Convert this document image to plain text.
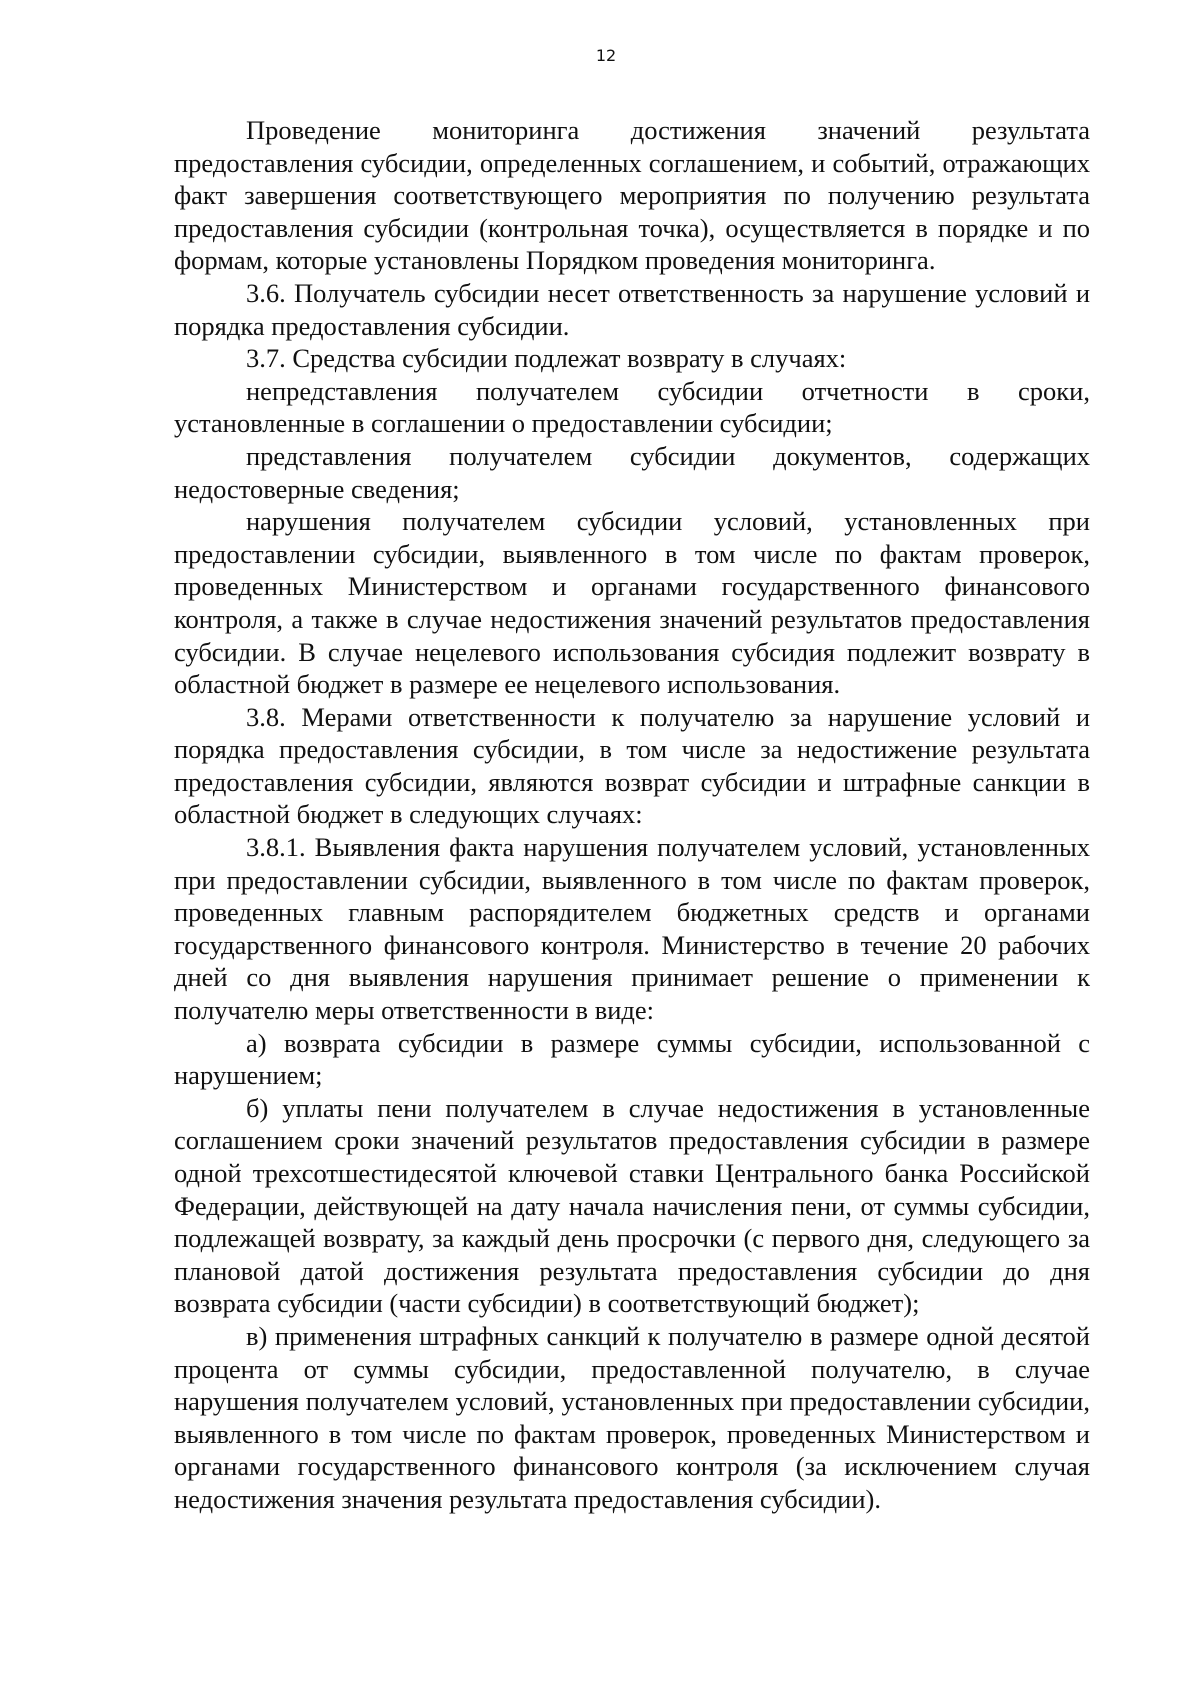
12

Проведение мониторинга достижения значений результата предоставления субсидии, определенных соглашением, и событий, отражающих факт завершения соответствующего мероприятия по получению результата предоставления субсидии (контрольная точка), осуществляется в порядке и по формам, которые установлены Порядком проведения мониторинга.

3.6. Получатель субсидии несет ответственность за нарушение условий и порядка предоставления субсидии.

3.7. Средства субсидии подлежат возврату в случаях:

непредставления получателем субсидии отчетности в сроки, установленные в соглашении о предоставлении субсидии;

представления получателем субсидии документов, содержащих недостоверные сведения;

нарушения получателем субсидии условий, установленных при предоставлении субсидии, выявленного в том числе по фактам проверок, проведенных Министерством и органами государственного финансового контроля, а также в случае недостижения значений результатов предоставления субсидии. В случае нецелевого использования субсидия подлежит возврату в областной бюджет в размере ее нецелевого использования.

3.8. Мерами ответственности к получателю за нарушение условий и порядка предоставления субсидии, в том числе за недостижение результата предоставления субсидии, являются возврат субсидии и штрафные санкции в областной бюджет в следующих случаях:

3.8.1. Выявления факта нарушения получателем условий, установленных при предоставлении субсидии, выявленного в том числе по фактам проверок, проведенных главным распорядителем бюджетных средств и органами государственного финансового контроля. Министерство в течение 20 рабочих дней со дня выявления нарушения принимает решение о применении к получателю меры ответственности в виде:

а) возврата субсидии в размере суммы субсидии, использованной с нарушением;

б) уплаты пени получателем в случае недостижения в установленные соглашением сроки значений результатов предоставления субсидии в размере одной трехсотшестидесятой ключевой ставки Центрального банка Российской Федерации, действующей на дату начала начисления пени, от суммы субсидии, подлежащей возврату, за каждый день просрочки (с первого дня, следующего за плановой датой достижения результата предоставления субсидии до дня возврата субсидии (части субсидии) в соответствующий бюджет);

в) применения штрафных санкций к получателю в размере одной десятой процента от суммы субсидии, предоставленной получателю, в случае нарушения получателем условий, установленных при предоставлении субсидии, выявленного в том числе по фактам проверок, проведенных Министерством и органами государственного финансового контроля (за исключением случая недостижения значения результата предоставления субсидии).
